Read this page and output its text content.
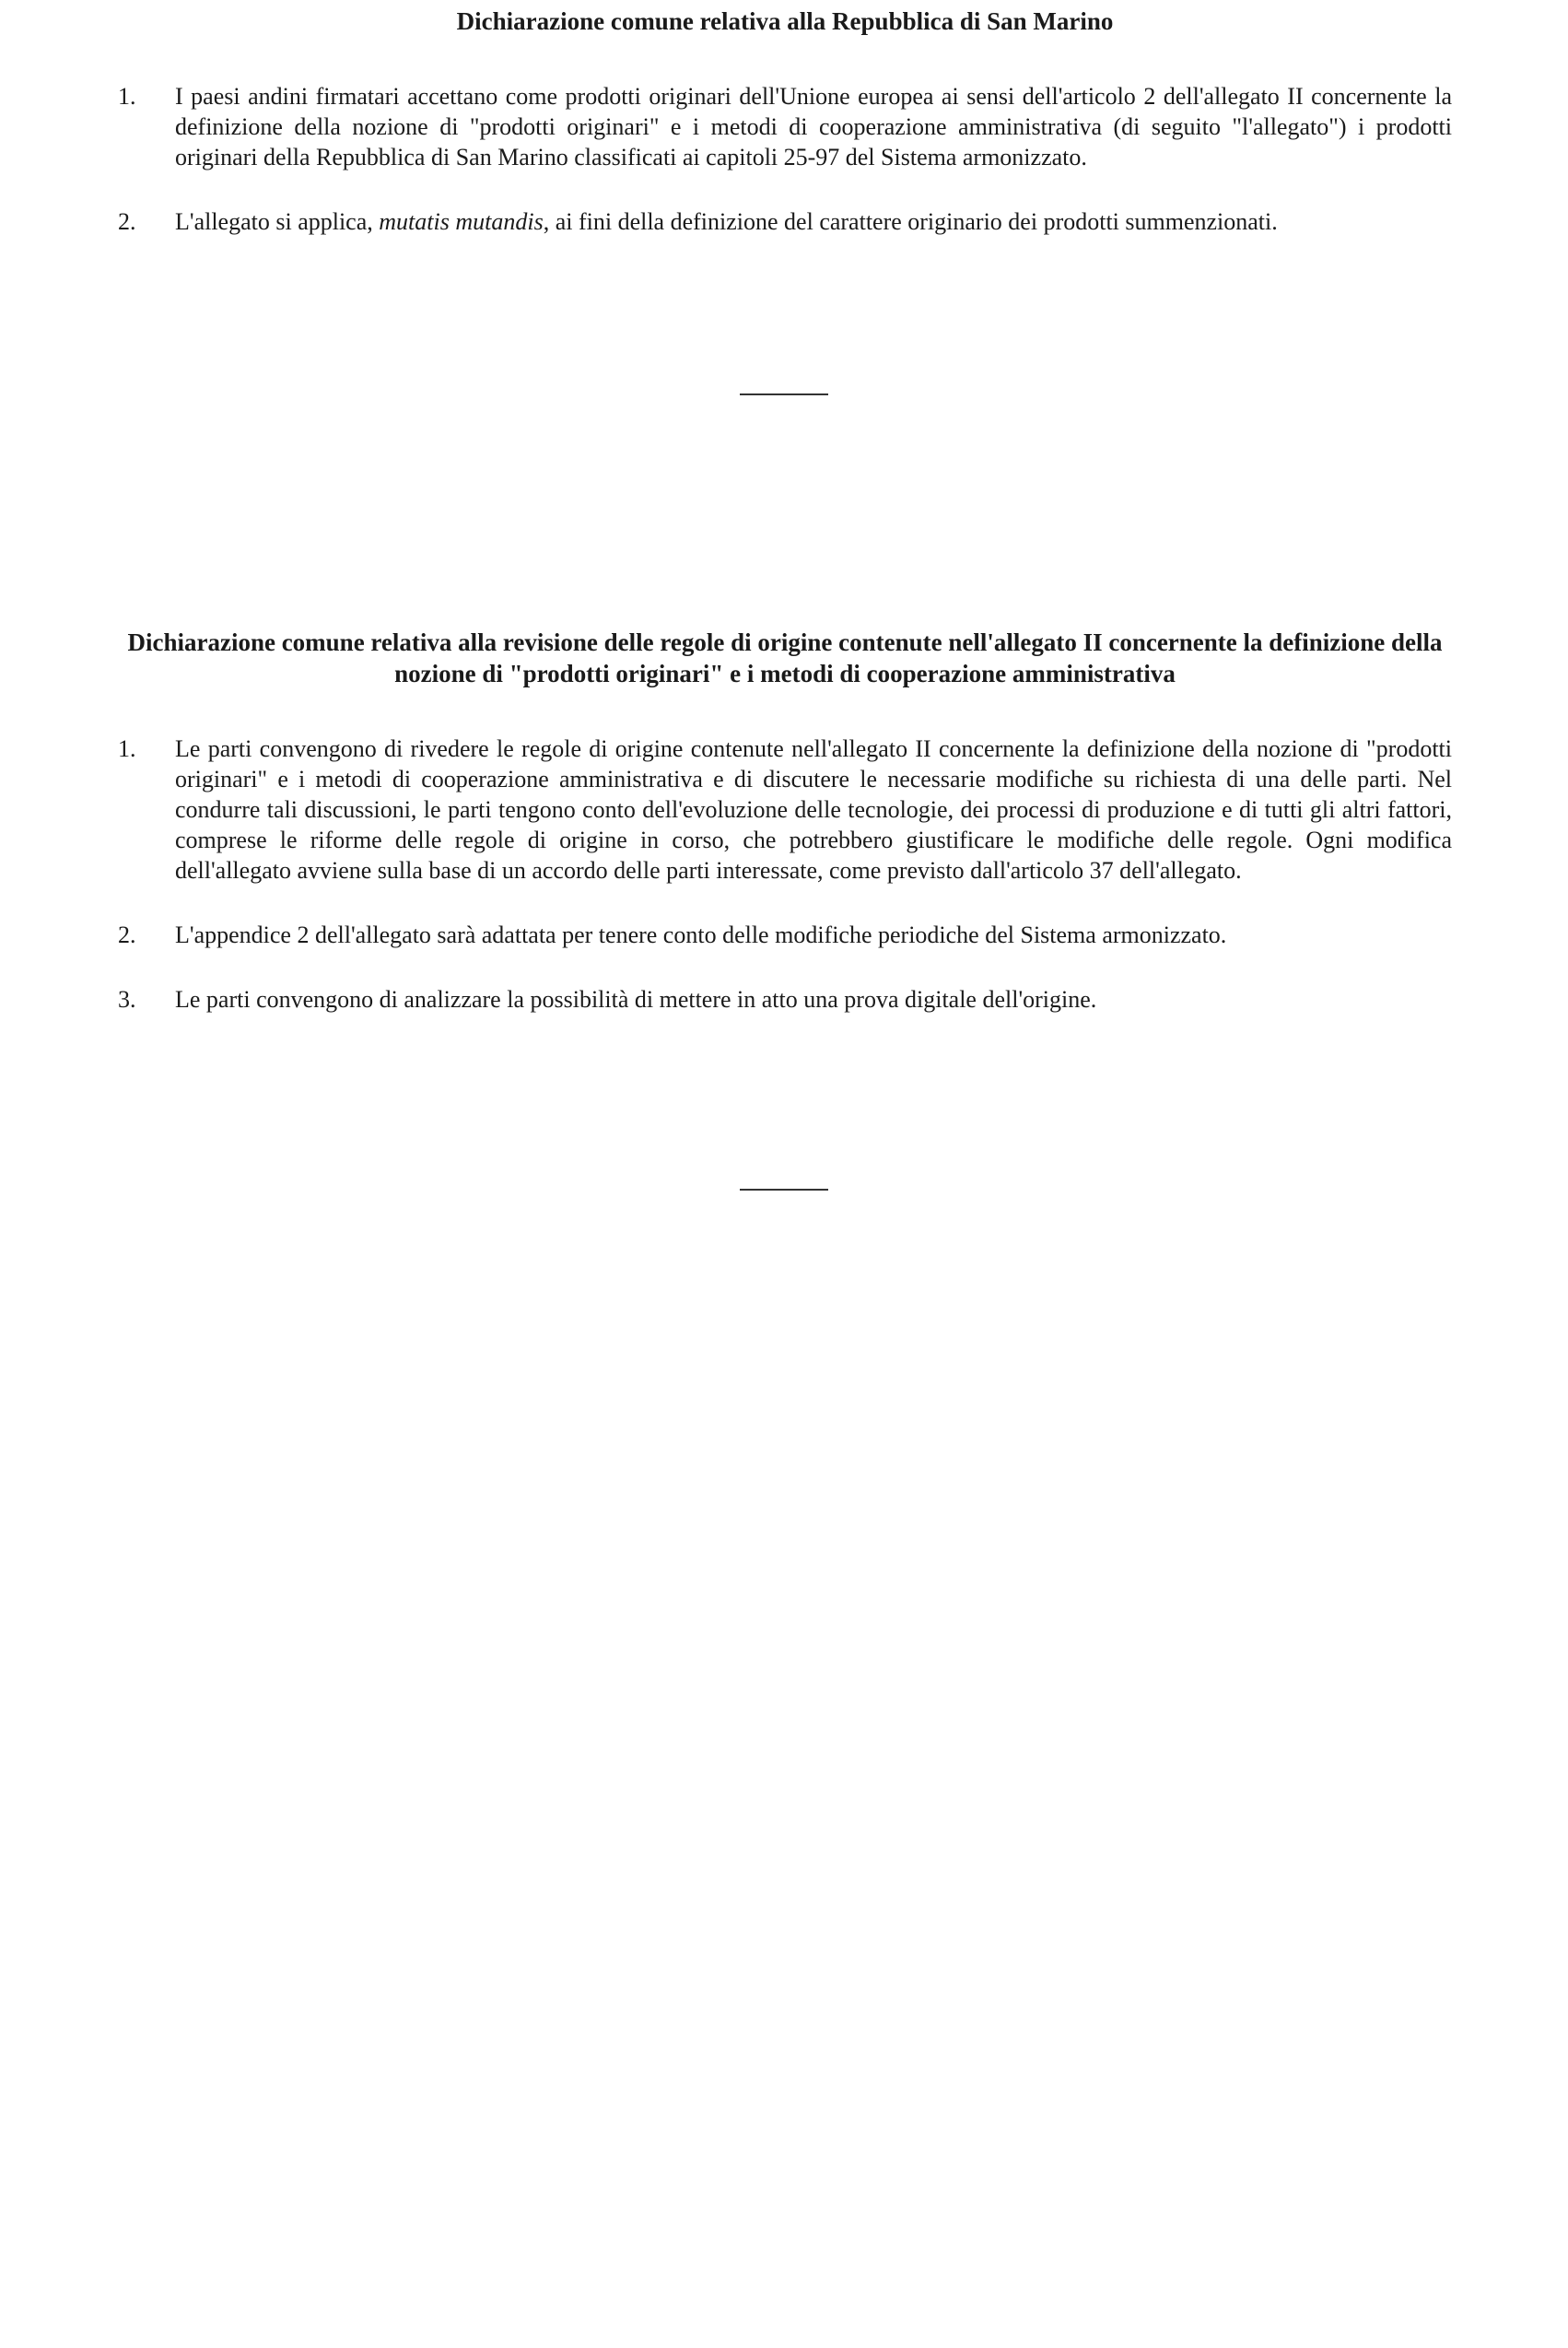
Dichiarazione comune relativa alla Repubblica di San Marino
1.	I paesi andini firmatari accettano come prodotti originari dell'Unione europea ai sensi dell'articolo 2 dell'allegato II concernente la definizione della nozione di "prodotti originari" e i metodi di cooperazione amministrativa (di seguito "l'allegato") i prodotti originari della Repubblica di San Marino classificati ai capitoli 25-97 del Sistema armonizzato.
2.	L'allegato si applica, mutatis mutandis, ai fini della definizione del carattere originario dei prodotti summenzionati.
Dichiarazione comune relativa alla revisione delle regole di origine contenute nell'allegato II concernente la definizione della nozione di "prodotti originari" e i metodi di cooperazione amministrativa
1.	Le parti convengono di rivedere le regole di origine contenute nell'allegato II concernente la definizione della nozione di "prodotti originari" e i metodi di cooperazione amministrativa e di discutere le necessarie modifiche su richiesta di una delle parti. Nel condurre tali discussioni, le parti tengono conto dell'evoluzione delle tecnologie, dei processi di produzione e di tutti gli altri fattori, comprese le riforme delle regole di origine in corso, che potrebbero giustificare le modifiche delle regole. Ogni modifica dell'allegato avviene sulla base di un accordo delle parti interessate, come previsto dall'articolo 37 dell'allegato.
2.	L'appendice 2 dell'allegato sarà adattata per tenere conto delle modifiche periodiche del Sistema armonizzato.
3.	Le parti convengono di analizzare la possibilità di mettere in atto una prova digitale dell'origine.
